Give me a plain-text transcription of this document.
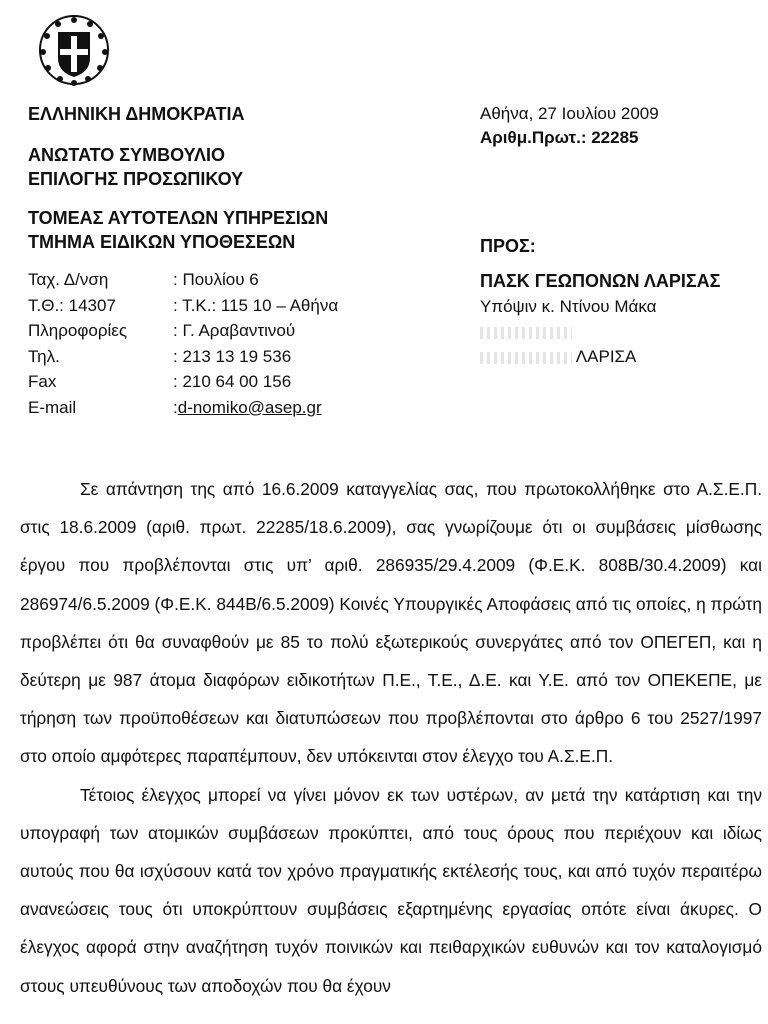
ΕΛΛΗΝΙΚΗ ΔΗΜΟΚΡΑΤΙΑ
ΑΝΩΤΑΤΟ ΣΥΜΒΟΥΛΙΟ
ΕΠΙΛΟΓΗΣ ΠΡΟΣΩΠΙΚΟΥ
ΤΟΜΕΑΣ ΑΥΤΟΤΕΛΩΝ ΥΠΗΡΕΣΙΩΝ
ΤΜΗΜΑ ΕΙΔΙΚΩΝ ΥΠΟΘΕΣΕΩΝ
Ταχ. Δ/νση	: Πουλίου 6
Τ.Θ.: 14307	: Τ.Κ.: 115 10 – Αθήνα
Πληροφορίες	: Γ. Αραβαντινού
Τηλ.	: 213 13 19 536
Fax	: 210 64 00 156
E-mail	: d-nomiko@asep.gr
Αθήνα, 27 Ιουλίου 2009
Αριθμ.Πρωτ.: 22285
ΠΡΟΣ:
ΠΑΣΚ ΓΕΩΠΟΝΩΝ ΛΑΡΙΣΑΣ
Υπόψιν κ. Ντίνου Μάκα
ΛΑΡΙΣΑ

Σε απάντηση της από 16.6.2009 καταγγελίας σας, που πρωτοκολλήθηκε στο Α.Σ.Ε.Π. στις 18.6.2009 (αριθ. πρωτ. 22285/18.6.2009), σας γνωρίζουμε ότι οι συμβάσεις μίσθωσης έργου που προβλέπονται στις υπ’ αριθ. 286935/29.4.2009 (Φ.Ε.Κ. 808Β/30.4.2009) και 286974/6.5.2009 (Φ.Ε.Κ. 844Β/6.5.2009) Κοινές Υπουργικές Αποφάσεις από τις οποίες, η πρώτη προβλέπει ότι θα συναφθούν με 85 το πολύ εξωτερικούς συνεργάτες από τον ΟΠΕΓΕΠ, και η δεύτερη με 987 άτομα διαφόρων ειδικοτήτων Π.Ε., Τ.Ε., Δ.Ε. και Υ.Ε. από τον ΟΠΕΚΕΠΕ, με τήρηση των προϋποθέσεων και διατυπώσεων που προβλέπονται στο άρθρο 6 του 2527/1997 στο οποίο αμφότερες παραπέμπουν, δεν υπόκεινται στον έλεγχο του Α.Σ.Ε.Π.

Τέτοιος έλεγχος μπορεί να γίνει μόνον εκ των υστέρων, αν μετά την κατάρτιση και την υπογραφή των ατομικών συμβάσεων προκύπτει, από τους όρους που περιέχουν και ιδίως αυτούς που θα ισχύσουν κατά τον χρόνο πραγματικής εκτέλεσής τους, και από τυχόν περαιτέρω ανανεώσεις τους ότι υποκρύπτουν συμβάσεις εξαρτημένης εργασίας οπότε είναι άκυρες. Ο έλεγχος αφορά στην αναζήτηση τυχόν ποινικών και πειθαρχικών ευθυνών και τον καταλογισμό στους υπευθύνους των αποδοχών που θα έχουν
